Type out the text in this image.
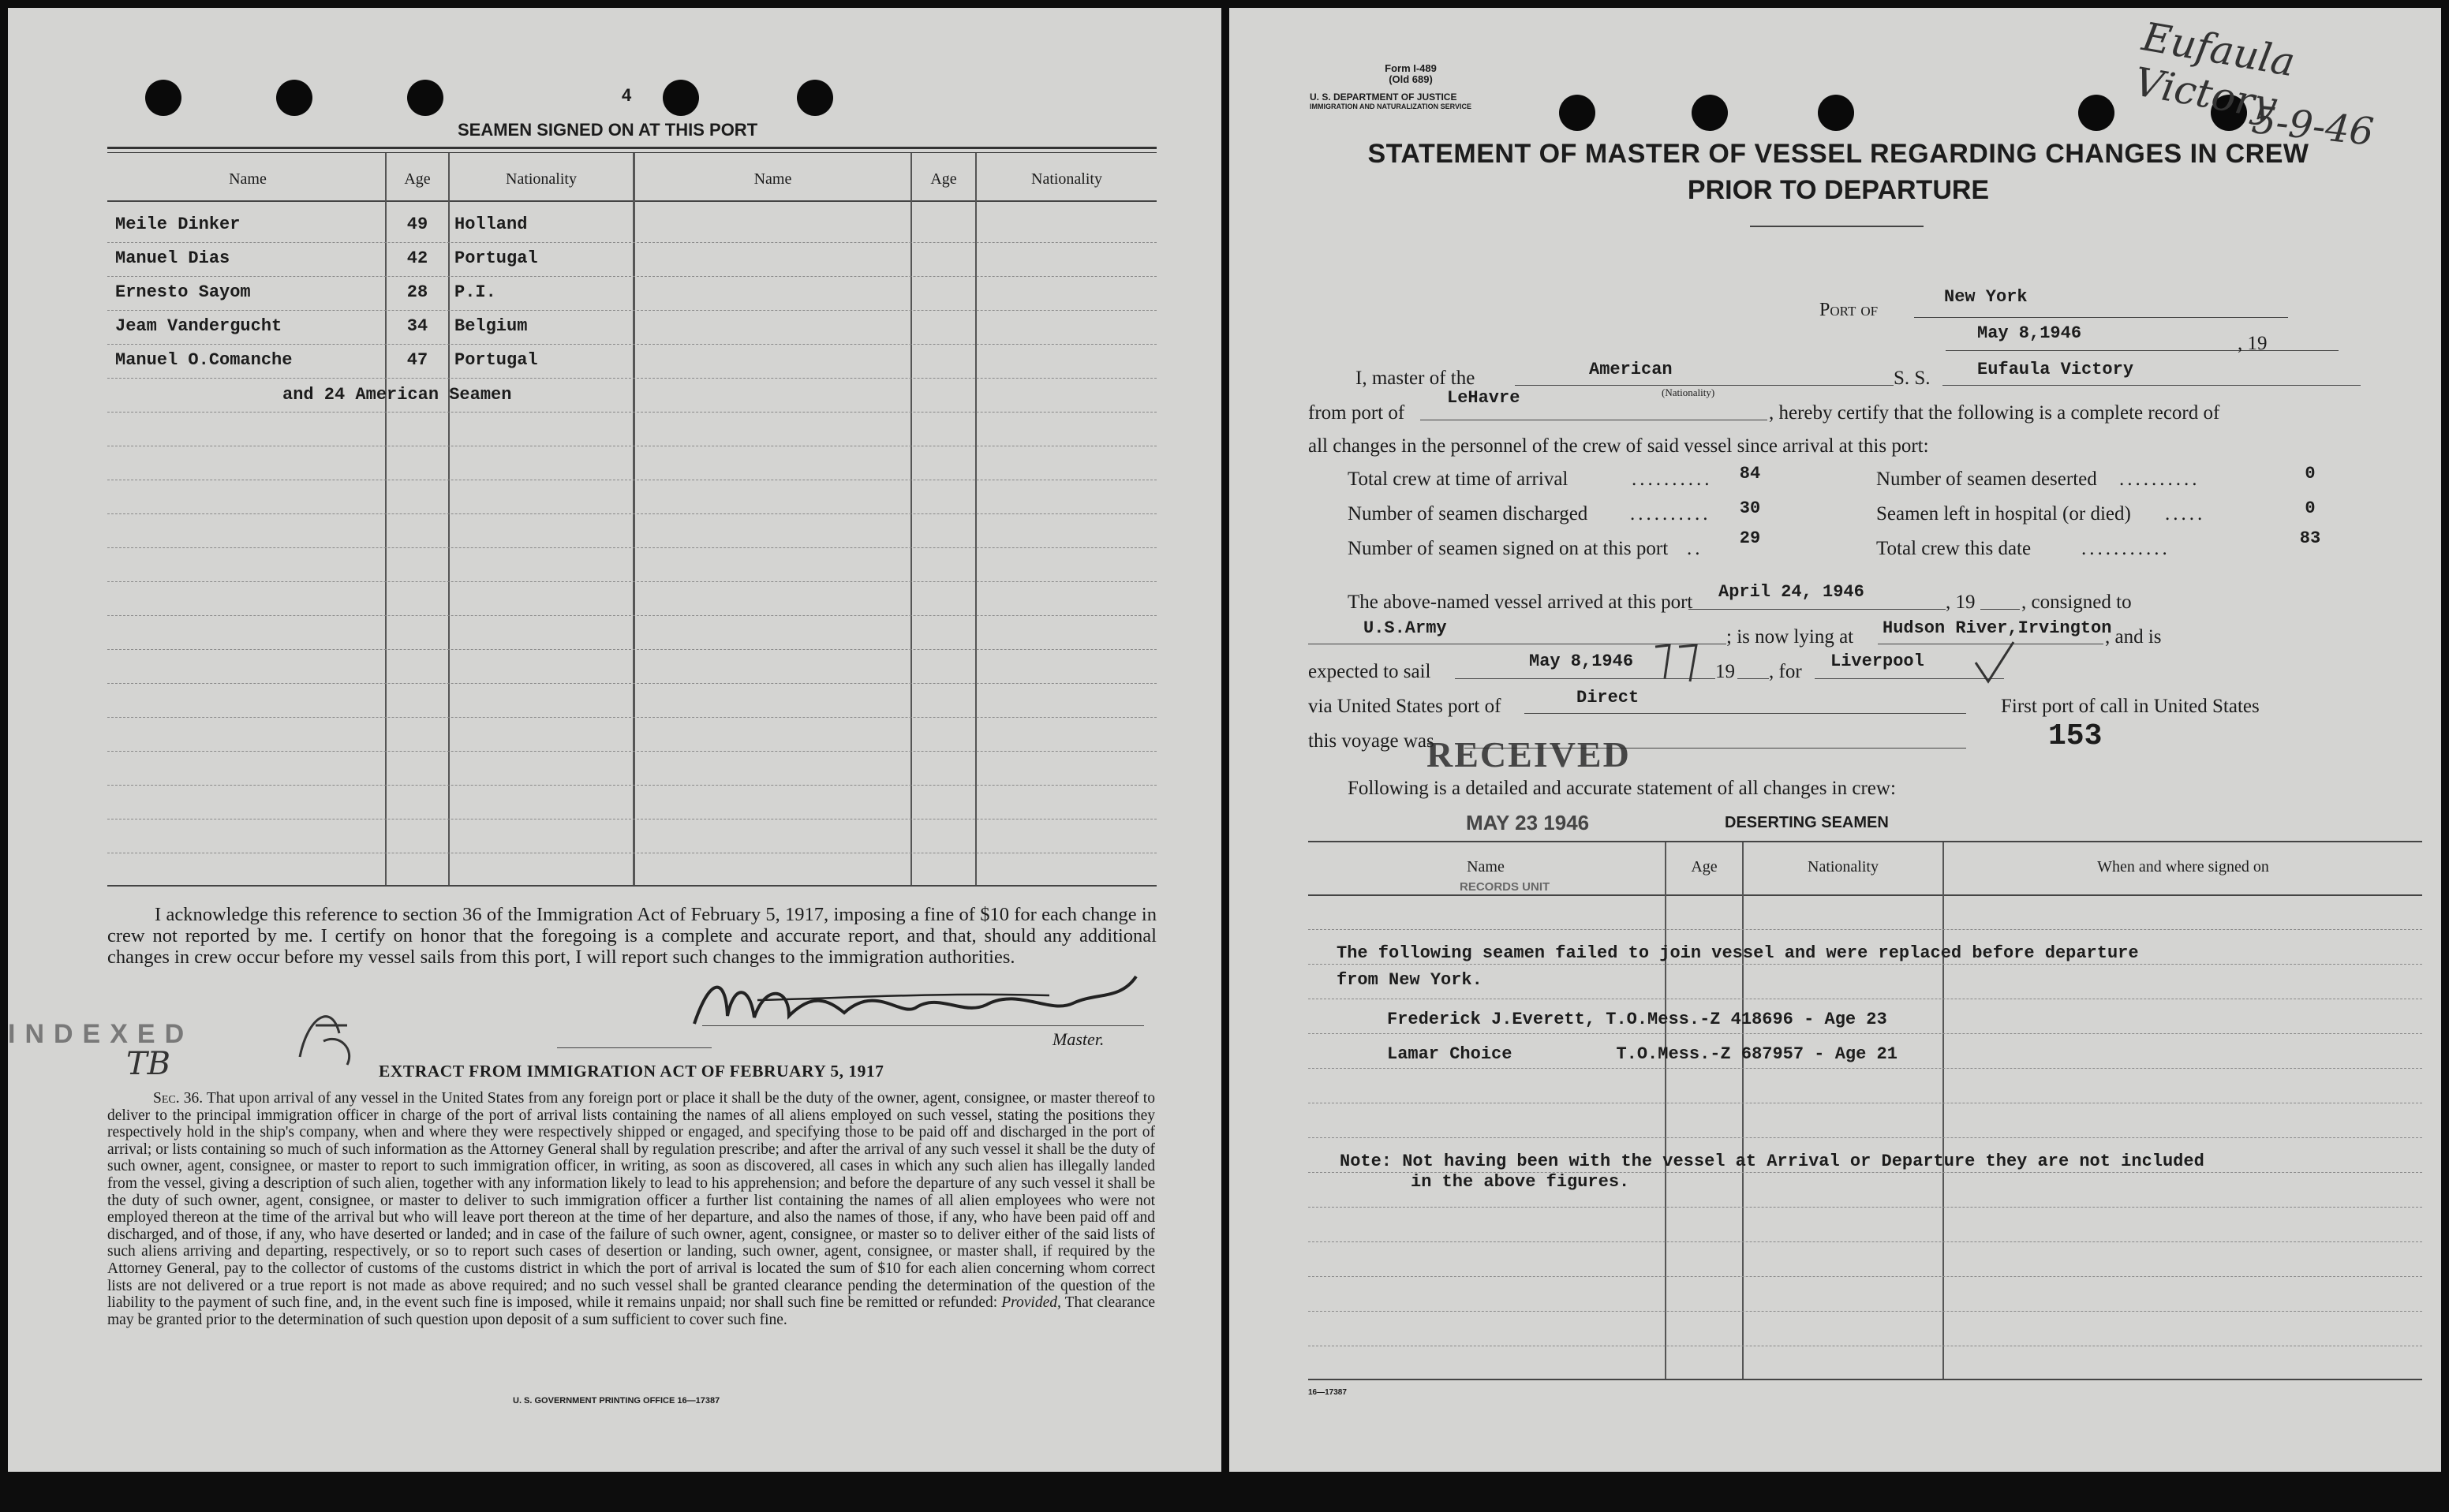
4
SEAMEN SIGNED ON AT THIS PORT
Name	Age	Nationality	Name	Age	Nationality
Meile Dinker	49	Holland
Manuel Dias	42	Portugal
Ernesto Sayom	28	P.I.
Jeam Vandergucht	34	Belgium
Manuel O.Comanche	47	Portugal
and 24 American Seamen
I acknowledge this reference to section 36 of the Immigration Act of February 5, 1917, imposing a fine of $10 for each change in crew not reported by me. I certify on honor that the foregoing is a complete and accurate report, and that, should any additional changes in crew occur before my vessel sails from this port, I will report such changes to the immigration authorities.
Master.
EXTRACT FROM IMMIGRATION ACT OF FEBRUARY 5, 1917
Sec. 36. That upon arrival of any vessel in the United States from any foreign port or place it shall be the duty of the owner, agent, consignee, or master thereof to deliver to the principal immigration officer in charge of the port of arrival lists containing the names of all aliens employed on such vessel, stating the positions they respectively hold in the ship's company, when and where they were respectively shipped or engaged, and specifying those to be paid off and discharged in the port of arrival; or lists containing so much of such information as the Attorney General shall by regulation prescribe; and after the arrival of any such vessel it shall be the duty of such owner, agent, consignee, or master to report to such immigration officer, in writing, as soon as discovered, all cases in which any such alien has illegally landed from the vessel, giving a description of such alien, together with any information likely to lead to his apprehension; and before the departure of any such vessel it shall be the duty of such owner, agent, consignee, or master to deliver to such immigration officer a further list containing the names of all alien employees who were not employed thereon at the time of the arrival but who will leave port thereon at the time of her departure, and also the names of those, if any, who have been paid off and discharged, and of those, if any, who have deserted or landed; and in case of the failure of such owner, agent, consignee, or master so to deliver either of the said lists of such aliens arriving and departing, respectively, or so to report such cases of desertion or landing, such owner, agent, consignee, or master shall, if required by the Attorney General, pay to the collector of customs of the customs district in which the port of arrival is located the sum of $10 for each alien concerning whom correct lists are not delivered or a true report is not made as above required; and no such vessel shall be granted clearance pending the determination of the question of the liability to the payment of such fine, and, in the event such fine is imposed, while it remains unpaid; nor shall such fine be remitted or refunded: Provided, That clearance may be granted prior to the determination of such question upon deposit of a sum sufficient to cover such fine.
U. S. GOVERNMENT PRINTING OFFICE 16—17387
INDEXED
TB
Form I-489
(Old 689)
U. S. DEPARTMENT OF JUSTICE
IMMIGRATION AND NATURALIZATION SERVICE
Eufaula Victory
5-9-46
STATEMENT OF MASTER OF VESSEL REGARDING CHANGES IN CREW
PRIOR TO DEPARTURE
Port of
New York
May 8,1946	, 19
I, master of the	American
(Nationality)
S. S.	Eufaula Victory
from port of
LeHavre
, hereby certify that the following is a complete record of
all changes in the personnel of the crew of said vessel since arrival at this port:
Total crew at time of arrival	..........	84
Number of seamen discharged ..........	30
Number of seamen signed on at this port ..	29
Number of seamen deserted ..........	0
Seamen left in hospital (or died) .....	0
Total crew this date	...........	83
The above-named vessel arrived at this port April 24, 1946	, 19 , consigned to
U.S.Army	; is now lying at Hudson River,Irvington
, and is
expected to sail	May 8,1946	19 , for Liverpool
via United States port of	Direct	First port of call in United States
this voyage was	153
RECEIVED
Following is a detailed and accurate statement of all changes in crew:
MAY 23 1946	DESERTING SEAMEN
RECORDS UNIT
Name	Age	Nationality	When and where signed on
The following seamen failed to join vessel and were replaced before departure
from New York.
Frederick J.Everett, T.O.Mess.-Z 418696 - Age 23
Lamar Choice          T.O.Mess.-Z 687957 - Age 21
Note: Not having been with the vessel at Arrival or Departure they are not included
in the above figures.
16—17387
